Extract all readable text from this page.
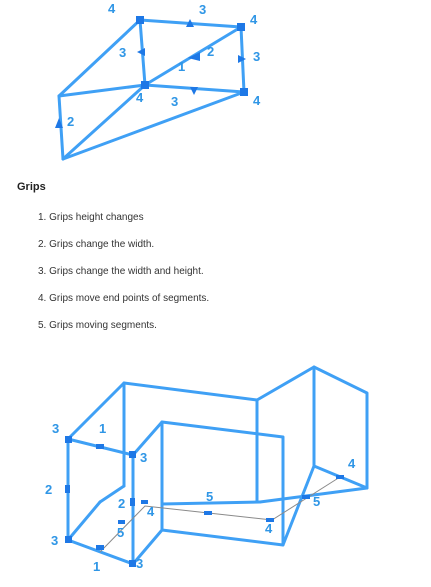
4	3
4
3	2
1
3
4 3	4
2
Grips
1. Grips height changes
2. Grips change the width.
3. Grips change the width and height.
4. Grips move end points of segments.
5. Grips moving segments.
3	1
3
2
2
4
5
3
5
1	3
4
4
5
